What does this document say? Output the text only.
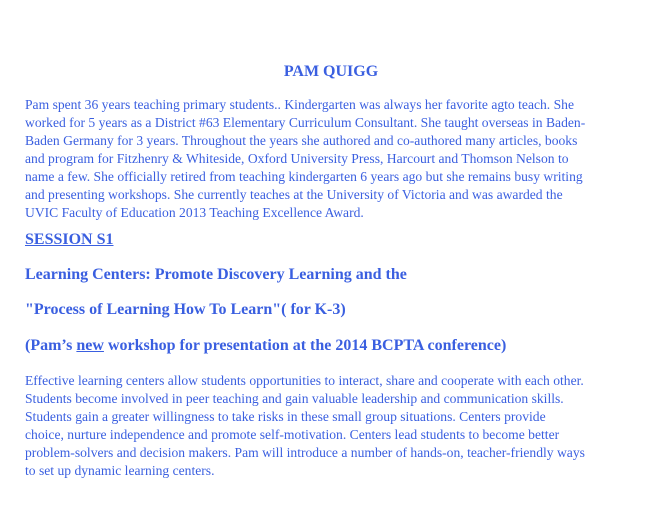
PAM QUIGG

Pam spent 36 years teaching primary students.. Kindergarten was always her favorite agto teach. She
worked for 5 years as a District #63 Elementary Curriculum Consultant. She taught overseas in Baden-
Baden Germany for 3 years. Throughout the years she authored and co-authored many articles, books
and program for Fitzhenry & Whiteside, Oxford University Press, Harcourt and Thomson Nelson to
name a few. She officially retired from teaching kindergarten 6 years ago but she remains busy writing
and presenting workshops. She currently teaches at the University of Victoria and was awarded the
UVIC Faculty of Education 2013 Teaching Excellence Award.

SESSION S1
Learning Centers: Promote Discovery Learning and the
"Process of Learning How To Learn"( for K-3)
(Pam’s new workshop for presentation at the 2014 BCPTA conference)

Effective learning centers allow students opportunities to interact, share and cooperate with each other.
Students become involved in peer teaching and gain valuable leadership and communication skills.
Students gain a greater willingness to take risks in these small group situations. Centers provide
choice, nurture independence and promote self-motivation. Centers lead students to become better
problem-solvers and decision makers. Pam will introduce a number of hands-on, teacher-friendly ways
to set up dynamic learning centers.
